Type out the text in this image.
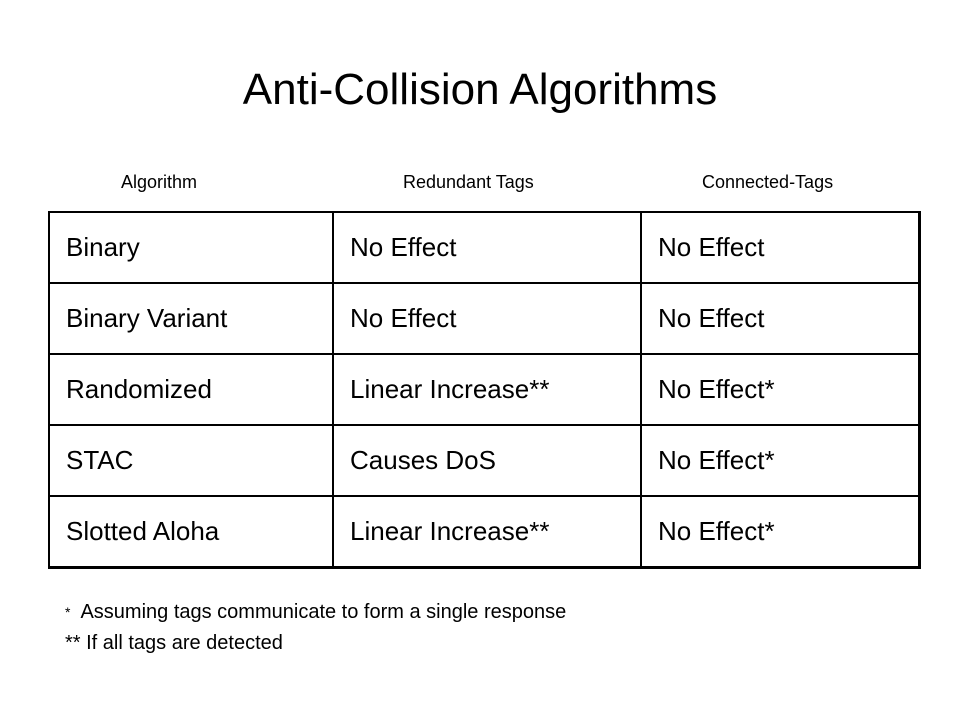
Anti-Collision Algorithms
Algorithm	Redundant Tags	Connected-Tags
Binary	No Effect	No Effect
Binary Variant	No Effect	No Effect
Randomized	Linear Increase**	No Effect*
STAC	Causes DoS	No Effect*
Slotted Aloha	Linear Increase**	No Effect*
* Assuming tags communicate to form a single response
** If all tags are detected
